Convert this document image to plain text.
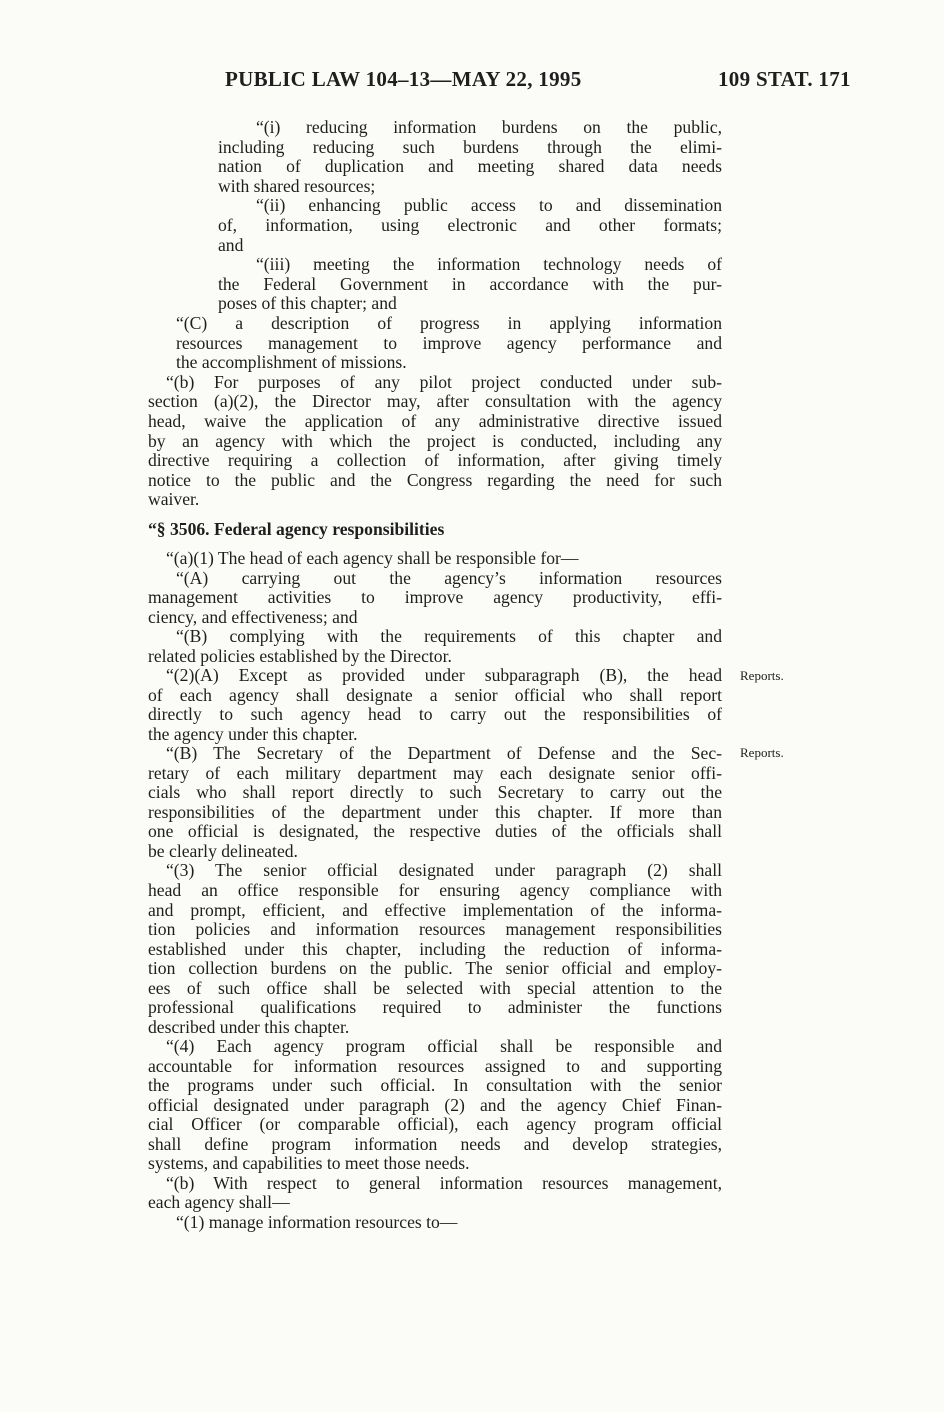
PUBLIC LAW 104–13—MAY 22, 1995	109 STAT. 171
“(i) reducing information burdens on the public,
including reducing such burdens through the elimi-
nation of duplication and meeting shared data needs
with shared resources;
“(ii) enhancing public access to and dissemination
of, information, using electronic and other formats;
and
“(iii) meeting the information technology needs of
the Federal Government in accordance with the pur-
poses of this chapter; and
“(C) a description of progress in applying information
resources management to improve agency performance and
the accomplishment of missions.
“(b) For purposes of any pilot project conducted under sub-
section (a)(2), the Director may, after consultation with the agency
head, waive the application of any administrative directive issued
by an agency with which the project is conducted, including any
directive requiring a collection of information, after giving timely
notice to the public and the Congress regarding the need for such
waiver.
“(a)(1) The head of each agency shall be responsible for—
“(A) carrying out the agency’s information resources
management activities to improve agency productivity, effi-
ciency, and effectiveness; and
“(B) complying with the requirements of this chapter and
related policies established by the Director.
“(2)(A) Except as provided under subparagraph (B), the head
of each agency shall designate a senior official who shall report
directly to such agency head to carry out the responsibilities of
the agency under this chapter.
“(B) The Secretary of the Department of Defense and the Sec-
retary of each military department may each designate senior offi-
cials who shall report directly to such Secretary to carry out the
responsibilities of the department under this chapter. If more than
one official is designated, the respective duties of the officials shall
be clearly delineated.
“(3) The senior official designated under paragraph (2) shall
head an office responsible for ensuring agency compliance with
and prompt, efficient, and effective implementation of the informa-
tion policies and information resources management responsibilities
established under this chapter, including the reduction of informa-
tion collection burdens on the public. The senior official and employ-
ees of such office shall be selected with special attention to the
professional qualifications required to administer the functions
described under this chapter.
“(4) Each agency program official shall be responsible and
accountable for information resources assigned to and supporting
the programs under such official. In consultation with the senior
official designated under paragraph (2) and the agency Chief Finan-
cial Officer (or comparable official), each agency program official
shall define program information needs and develop strategies,
systems, and capabilities to meet those needs.
“(b) With respect to general information resources management,
each agency shall—
“(1) manage information resources to—
“§ 3506. Federal agency responsibilities
Reports.
Reports.
